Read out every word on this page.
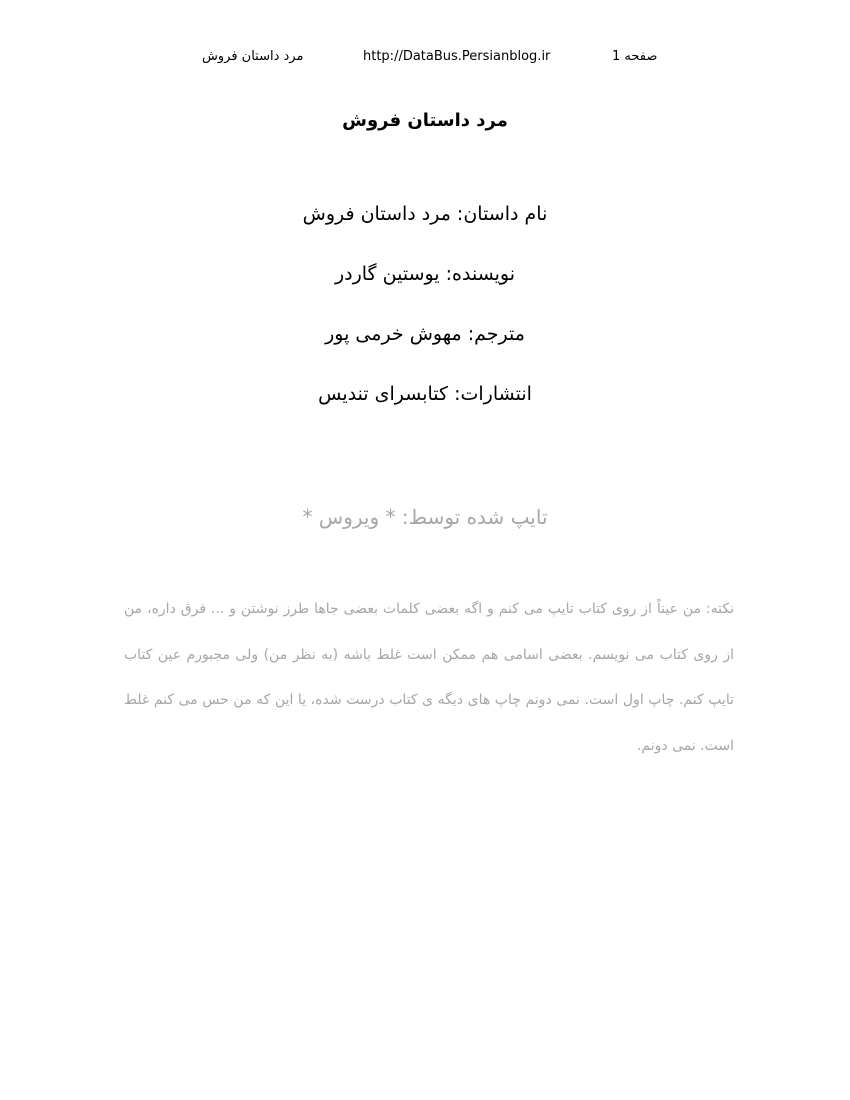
صفحه 1
http://DataBus.Persianblog.ir
مرد داستان فروش
مرد داستان فروش
نام داستان: مرد داستان فروش
نویسنده: یوستین گاردر
مترجم: مهوش خرمی پور
انتشارات: کتابسرای تندیس
تایپ شده توسط: * ویروس *
نکته: من عیناً از روی کتاب تایپ می کنم و اگه بعضی کلمات بعضی جاها طرز نوشتن و ... فرق داره، من از روی کتاب می نویسم. بعضی اسامی هم ممکن است غلط باشه (به نظر من) ولی مجبورم عین کتاب تایپ کنم. چاپ اول است. نمی دونم چاپ های دیگه ی کتاب درست شده، یا این که من حس می کنم غلط است. نمی دونم.
